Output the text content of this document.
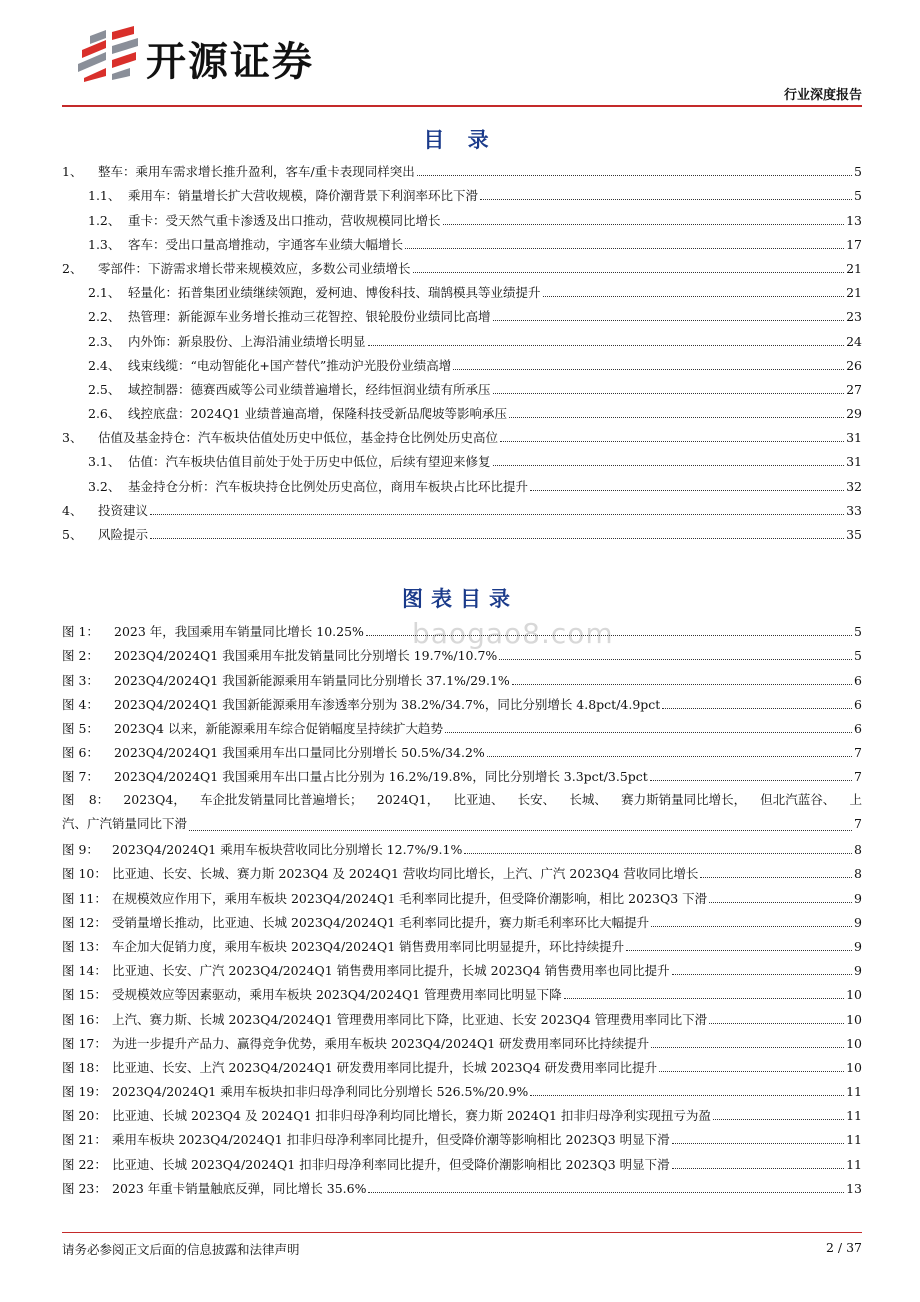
开源证券
行业深度报告
目 录
1、	整车：乘用车需求增长推升盈利，客车/重卡表现同样突出	5
1.1、 乘用车：销量增长扩大营收规模，降价潮背景下利润率环比下滑	5
1.2、 重卡：受天然气重卡渗透及出口推动，营收规模同比增长	13
1.3、 客车：受出口量高增推动，宇通客车业绩大幅增长	17
2、	零部件：下游需求增长带来规模效应，多数公司业绩增长	21
2.1、 轻量化：拓普集团业绩继续领跑，爱柯迪、博俊科技、瑞鹄模具等业绩提升	21
2.2、 热管理：新能源车业务增长推动三花智控、银轮股份业绩同比高增	23
2.3、 内外饰：新泉股份、上海沿浦业绩增长明显	24
2.4、 线束线缆：“电动智能化+国产替代”推动沪光股份业绩高增	26
2.5、 域控制器：德赛西威等公司业绩普遍增长，经纬恒润业绩有所承压	27
2.6、 线控底盘：2024Q1 业绩普遍高增，保隆科技受新品爬坡等影响承压	29
3、	估值及基金持仓：汽车板块估值处历史中低位，基金持仓比例处历史高位	31
3.1、 估值：汽车板块估值目前处于处于历史中低位，后续有望迎来修复	31
3.2、 基金持仓分析：汽车板块持仓比例处历史高位，商用车板块占比环比提升	32
4、	投资建议	33
5、	风险提示	35
图表目录
baogao8.com
图 1：	2023 年，我国乘用车销量同比增长 10.25%	5
图 2：	2023Q4/2024Q1 我国乘用车批发销量同比分别增长 19.7%/10.7%	5
图 3：	2023Q4/2024Q1 我国新能源乘用车销量同比分别增长 37.1%/29.1%	6
图 4：	2023Q4/2024Q1 我国新能源乘用车渗透率分别为 38.2%/34.7%，同比分别增长 4.8pct/4.9pct	6
图 5：	2023Q4 以来，新能源乘用车综合促销幅度呈持续扩大趋势	6
图 6：	2023Q4/2024Q1 我国乘用车出口量同比分别增长 50.5%/34.2%	7
图 7：	2023Q4/2024Q1 我国乘用车出口量占比分别为 16.2%/19.8%，同比分别增长 3.3pct/3.5pct	7
图 8： 2023Q4， 车企批发销量同比普遍增长； 2024Q1， 比亚迪、 长安、 长城、 赛力斯销量同比增长， 但北汽蓝谷、 上
汽、广汽销量同比下滑	7
图 9：	2023Q4/2024Q1 乘用车板块营收同比分别增长 12.7%/9.1%	8
图 10： 比亚迪、长安、长城、赛力斯 2023Q4 及 2024Q1 营收均同比增长，上汽、广汽 2023Q4 营收同比增长	8
图 11： 在规模效应作用下，乘用车板块 2023Q4/2024Q1 毛利率同比提升，但受降价潮影响，相比 2023Q3 下滑	9
图 12： 受销量增长推动，比亚迪、长城 2023Q4/2024Q1 毛利率同比提升，赛力斯毛利率环比大幅提升	9
图 13： 车企加大促销力度，乘用车板块 2023Q4/2024Q1 销售费用率同比明显提升，环比持续提升	9
图 14： 比亚迪、长安、广汽 2023Q4/2024Q1 销售费用率同比提升，长城 2023Q4 销售费用率也同比提升	9
图 15： 受规模效应等因素驱动，乘用车板块 2023Q4/2024Q1 管理费用率同比明显下降	10
图 16： 上汽、赛力斯、长城 2023Q4/2024Q1 管理费用率同比下降，比亚迪、长安 2023Q4 管理费用率同比下滑	10
图 17： 为进一步提升产品力、赢得竞争优势，乘用车板块 2023Q4/2024Q1 研发费用率同环比持续提升	10
图 18： 比亚迪、长安、上汽 2023Q4/2024Q1 研发费用率同比提升，长城 2023Q4 研发费用率同比提升	10
图 19： 2023Q4/2024Q1 乘用车板块扣非归母净利同比分别增长 526.5%/20.9%	11
图 20： 比亚迪、长城 2023Q4 及 2024Q1 扣非归母净利均同比增长，赛力斯 2024Q1 扣非归母净利实现扭亏为盈	11
图 21： 乘用车板块 2023Q4/2024Q1 扣非归母净利率同比提升，但受降价潮等影响相比 2023Q3 明显下滑	11
图 22： 比亚迪、长城 2023Q4/2024Q1 扣非归母净利率同比提升，但受降价潮影响相比 2023Q3 明显下滑	11
图 23： 2023 年重卡销量触底反弹，同比增长 35.6%	13
请务必参阅正文后面的信息披露和法律声明	2 / 37
